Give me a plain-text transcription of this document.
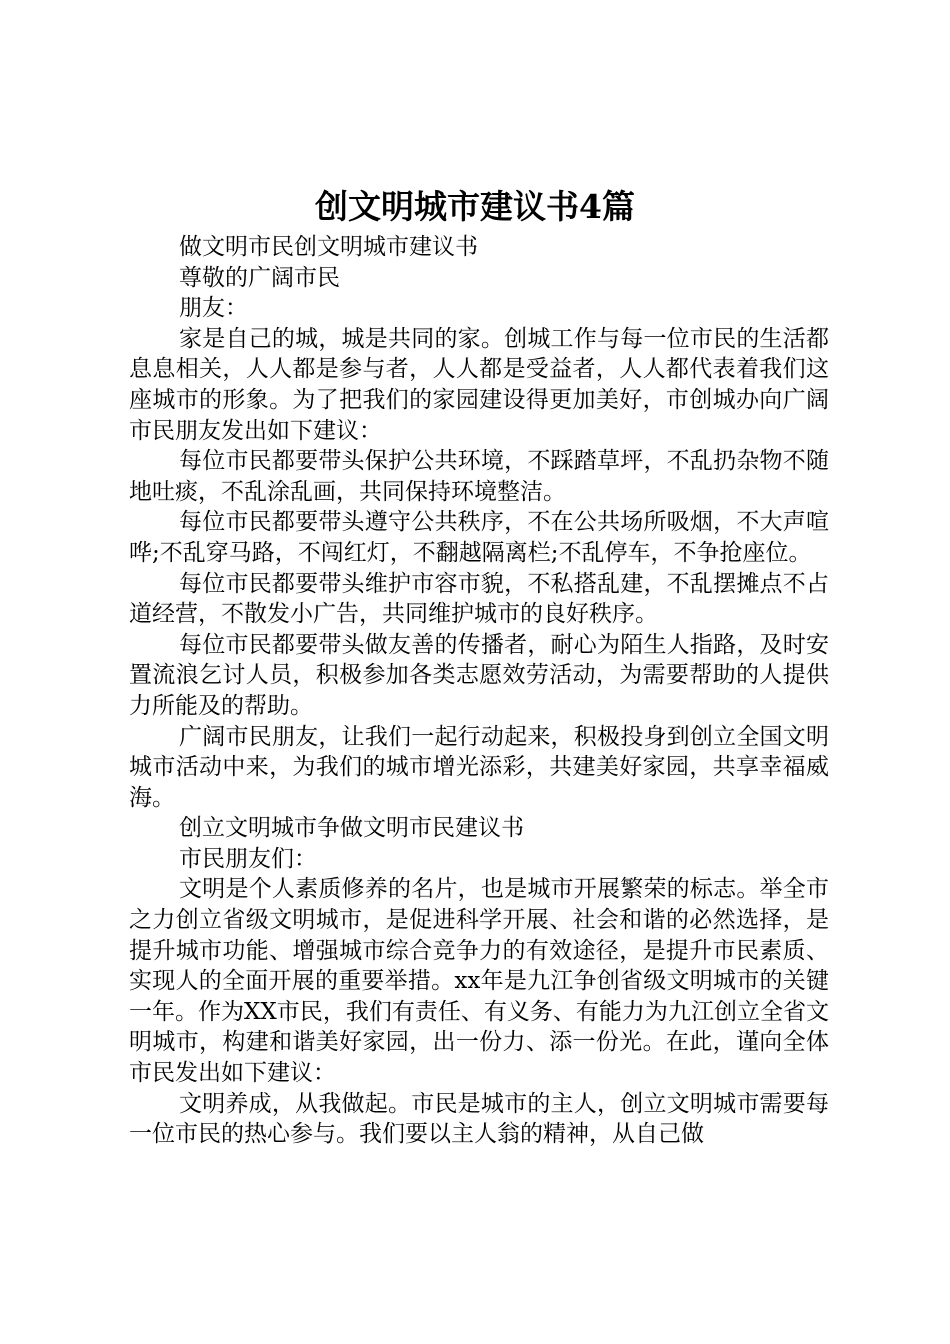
创文明城市建议书4篇

做文明市民创文明城市建议书

尊敬的广阔市民

朋友：

家是自己的城，城是共同的家。创城工作与每一位市民的生活都息息相关，人人都是参与者，人人都是受益者，人人都代表着我们这座城市的形象。为了把我们的家园建设得更加美好，市创城办向广阔市民朋友发出如下建议：

每位市民都要带头保护公共环境，不踩踏草坪，不乱扔杂物不随地吐痰，不乱涂乱画，共同保持环境整洁。

每位市民都要带头遵守公共秩序，不在公共场所吸烟，不大声喧哗;不乱穿马路，不闯红灯，不翻越隔离栏;不乱停车，不争抢座位。

每位市民都要带头维护市容市貌，不私搭乱建，不乱摆摊点不占道经营，不散发小广告，共同维护城市的良好秩序。

每位市民都要带头做友善的传播者，耐心为陌生人指路，及时安置流浪乞讨人员，积极参加各类志愿效劳活动，为需要帮助的人提供力所能及的帮助。

广阔市民朋友，让我们一起行动起来，积极投身到创立全国文明城市活动中来，为我们的城市增光添彩，共建美好家园，共享幸福威海。

创立文明城市争做文明市民建议书

市民朋友们：

文明是个人素质修养的名片，也是城市开展繁荣的标志。举全市之力创立省级文明城市，是促进科学开展、社会和谐的必然选择，是提升城市功能、增强城市综合竞争力的有效途径，是提升市民素质、实现人的全面开展的重要举措。xx年是九江争创省级文明城市的关键一年。作为XX市民，我们有责任、有义务、有能力为九江创立全省文明城市，构建和谐美好家园，出一份力、添一份光。在此，谨向全体市民发出如下建议：

文明养成，从我做起。市民是城市的主人，创立文明城市需要每一位市民的热心参与。我们要以主人翁的精神，从自己做
